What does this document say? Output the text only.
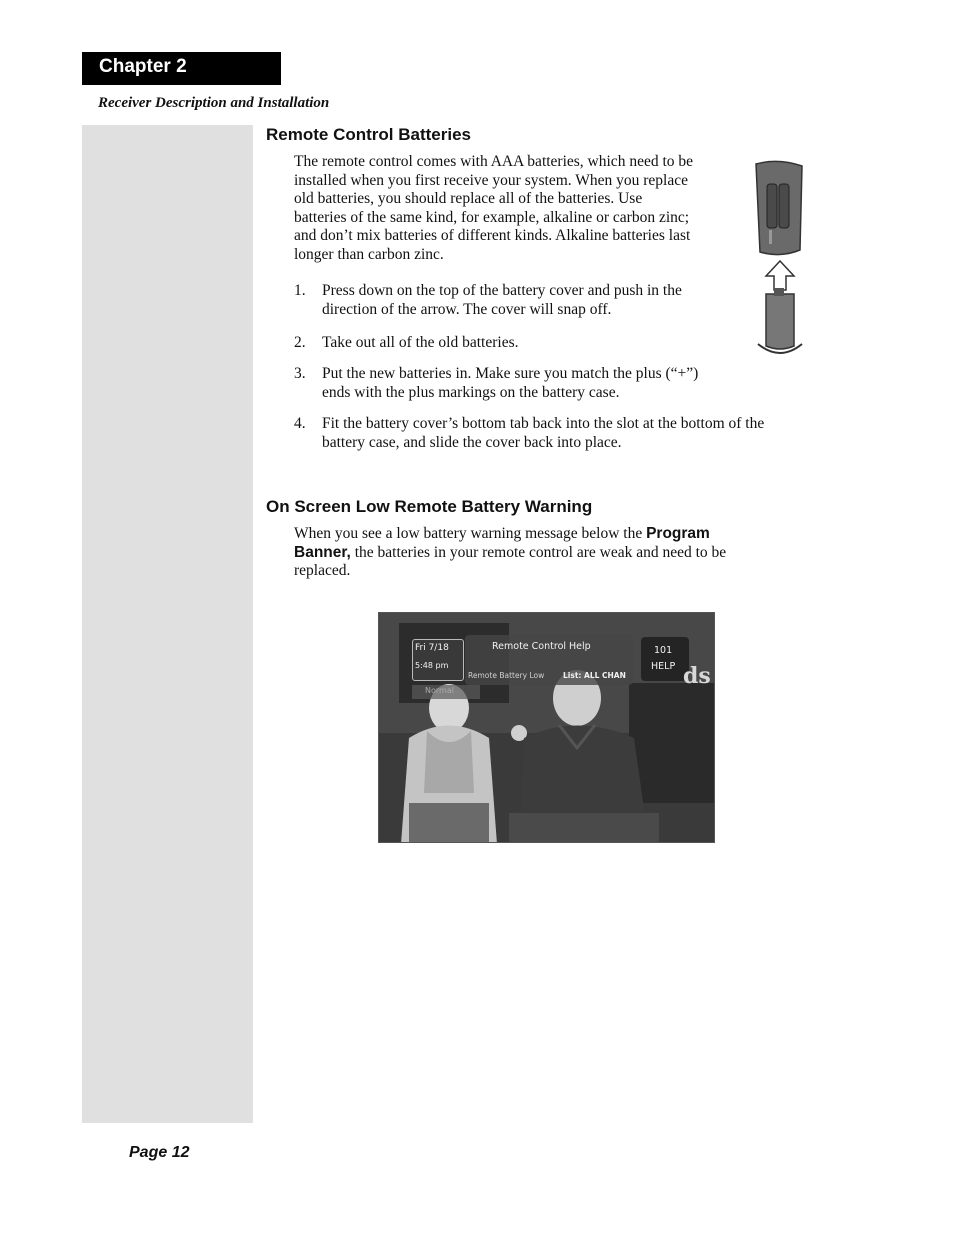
Chapter 2
Receiver Description and Installation
Remote Control Batteries
The remote control comes with AAA batteries, which need to be
installed when you first receive your system. When you replace
old batteries, you should replace all of the batteries. Use
batteries of the same kind, for example, alkaline or carbon zinc;
and don’t mix batteries of different kinds. Alkaline batteries last
longer than carbon zinc.
1. Press down on the top of the battery cover and push in the
direction of the arrow. The cover will snap off.
2. Take out all of the old batteries.
3. Put the new batteries in. Make sure you match the plus (“+”)
ends with the plus markings on the battery case.
4. Fit the battery cover’s bottom tab back into the slot at the bottom of the
battery case, and slide the cover back into place.
On Screen Low Remote Battery Warning
When you see a low battery warning message below the Program
Banner, the batteries in your remote control are weak and need to be
replaced.
Fri 7/18
5:48 pm
Normal
Remote Control Help
Remote Battery Low	List: ALL CHAN
101
HELP ds
Page 12
